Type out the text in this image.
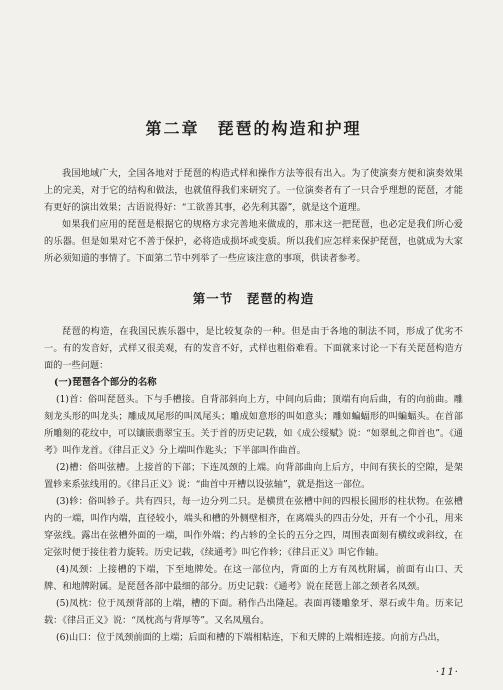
第二章　琵琶的构造和护理

我国地域广大，全国各地对于琵琶的构造式样和操作方法等很有出入。为了使演奏方便和演奏效果上的完美，对于它的结构和做法，也就值得我们来研究了。一位演奏者有了一只合乎理想的琵琶，才能有更好的演出效果；古语说得好：“工欲善其事，必先利其器”，就是这个道理。

如果我们应用的琵琶是根据它的规格方求完善地来做成的，那末这一把琵琶，也必定是我们所心爱的乐器。但是如果对它不善于保护，必将造成损坏或变质。所以我们应怎样来保护琵琶，也就成为大家所必须知道的事情了。下面第二节中列举了一些应该注意的事项，供读者参考。

第一节　琵琶的构造

琵琶的构造，在我国民族乐器中，是比较复杂的一种。但是由于各地的制法不同，形成了优劣不一。有的发音好，式样又很美观，有的发音不好，式样也粗俗难看。下面就来讨论一下有关琵琶构造方面的一些问题：

(一)琵琶各个部分的名称

(1)首：俗叫琵琶头。下与手槽接。自背部斜向上方，中间向后曲；顶端有向后曲，有的向前曲。雕刻龙头形的叫龙头；雕成凤尾形的叫凤尾头；雕成如意形的叫如意头；雕如蝙蝠形的叫蝙蝠头。在首部所雕刻的花纹中，可以镶嵌翡翠宝玉。关于首的历史记载，如《成公绥赋》说：“如翠虬之仰首也”。《通考》叫作龙首。《律吕正义》分上端叫作匙头；下半部叫作曲首。

(2)槽：俗叫弦槽。上接首的下部；下连凤颈的上端。向背部曲向上后方，中间有狭长的空隙，是架置轸来系弦线用的。《律吕正义》说：“曲首中开槽以设弦轴”，就是指这一部位。

(3)轸：俗叫轸子。共有四只，每一边分列二只。是横贯在弦槽中间的四根长圆形的柱状物。在弦槽内的一端，叫作内端，直径较小，端头和槽的外侧壁相齐，在离端头的四击分处，开有一个小孔，用来穿弦线。露出在弦槽外面的一端，叫作外端；约占轸的全长的五分之四，周围表面刻有横纹或斜纹，在定弦时便于接住着力旋转。历史记载，《续通考》叫它作轸；《律吕正义》叫它作轴。

(4)凤颈：上接槽的下端，下至地牌处。在这一部位内，背面的上方有凤枕附属，前面有山口、天牌、和地牌附属。是琵琶各部中最细的部分。历史记载：《通考》说在琵琶上部之颈者名凤颈。

(5)凤枕：位于凤颈背部的上端，槽的下面。稍作凸出隆起。表面再镂雕象牙、翠石或牛角。历来记载：《律吕正义》说：“凤枕高与背厚等”。又名凤凰台。

(6)山口：位于凤颈前面的上端；后面和槽的下端相粘连，下和天牌的上端相连接。向前方凸出，

·11·
